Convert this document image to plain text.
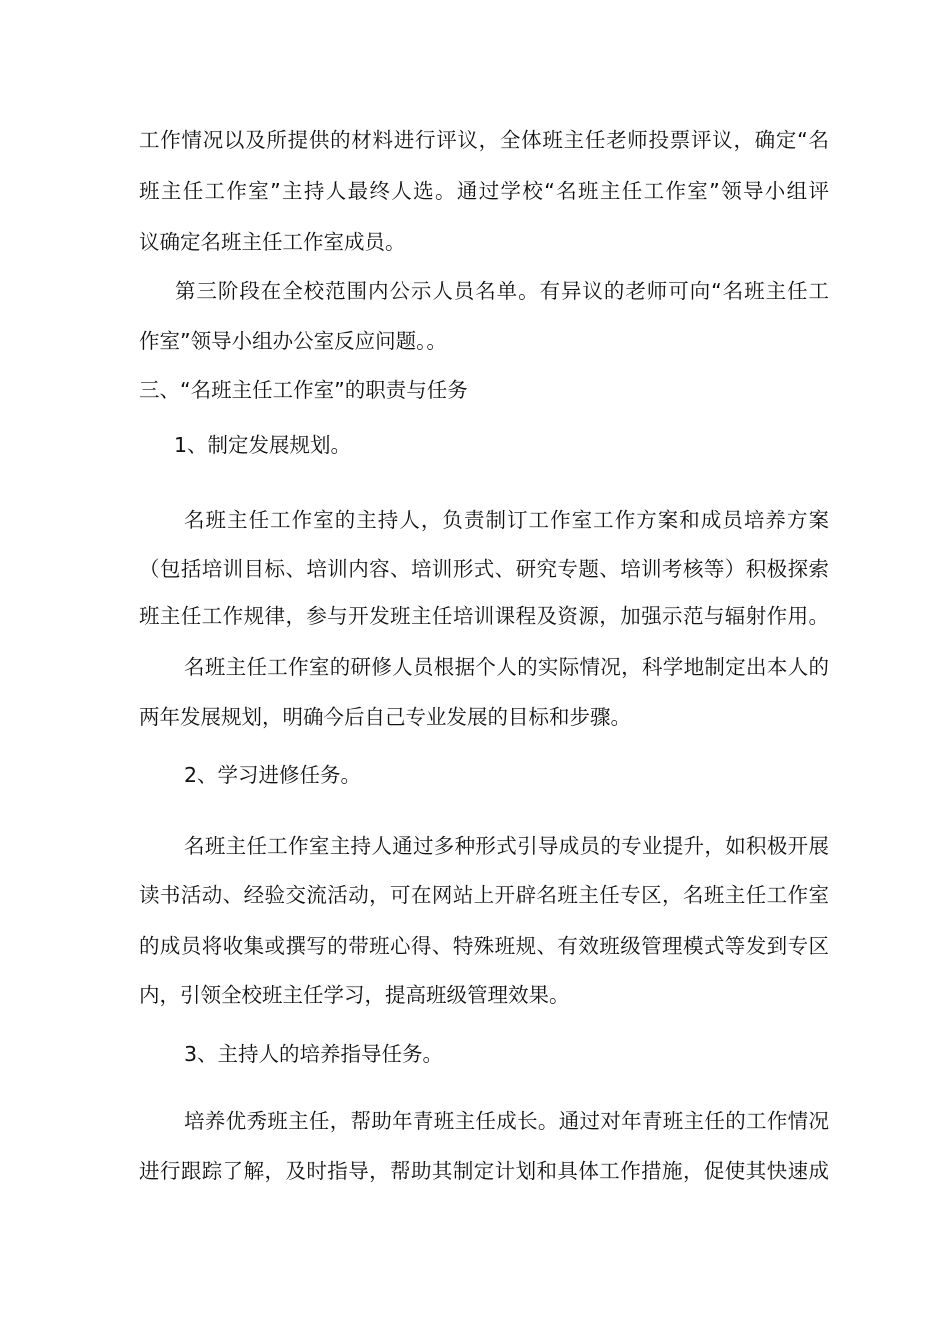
工作情况以及所提供的材料进行评议，全体班主任老师投票评议，确定“名
班主任工作室”主持人最终人选。通过学校“名班主任工作室”领导小组评
议确定名班主任工作室成员。
第三阶段在全校范围内公示人员名单。有异议的老师可向“名班主任工
作室”领导小组办公室反应问题。。
三、“名班主任工作室”的职责与任务
1、制定发展规划。
名班主任工作室的主持人，负责制订工作室工作方案和成员培养方案
（包括培训目标、培训内容、培训形式、研究专题、培训考核等）积极探索
班主任工作规律，参与开发班主任培训课程及资源，加强示范与辐射作用。
名班主任工作室的研修人员根据个人的实际情况，科学地制定出本人的
两年发展规划，明确今后自己专业发展的目标和步骤。
2、学习进修任务。
名班主任工作室主持人通过多种形式引导成员的专业提升，如积极开展
读书活动、经验交流活动，可在网站上开辟名班主任专区，名班主任工作室
的成员将收集或撰写的带班心得、特殊班规、有效班级管理模式等发到专区
内，引领全校班主任学习，提高班级管理效果。
3、主持人的培养指导任务。
培养优秀班主任，帮助年青班主任成长。通过对年青班主任的工作情况
进行跟踪了解，及时指导，帮助其制定计划和具体工作措施，促使其快速成
